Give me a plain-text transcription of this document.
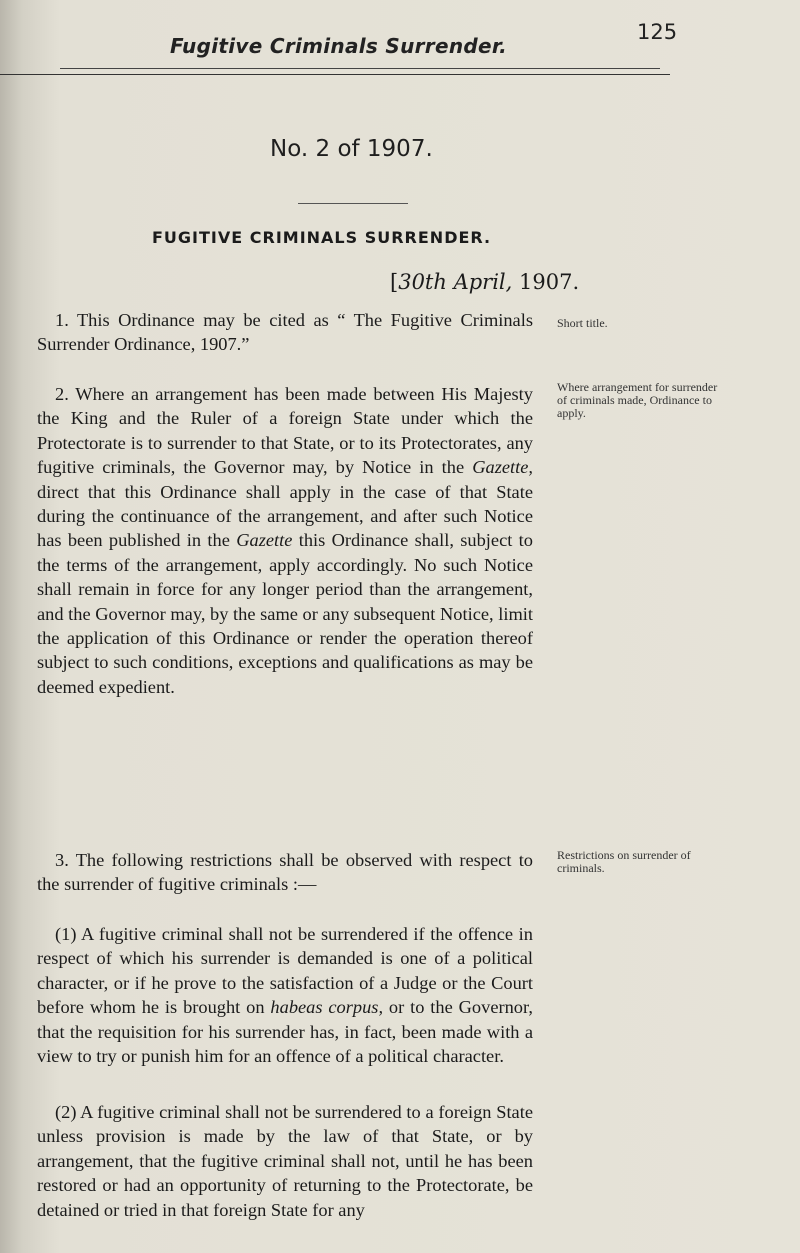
Fugitive Criminals Surrender.
125
No. 2 of 1907.
FUGITIVE CRIMINALS SURRENDER.
[30th April, 1907.

1. This Ordinance may be cited as “ The Fugitive Criminals Surrender Ordinance, 1907.”

Short title.

2. Where an arrangement has been made between His Majesty the King and the Ruler of a foreign State under which the Protectorate is to surrender to that State, or to its Protectorates, any fugitive criminals, the Governor may, by Notice in the Gazette, direct that this Ordinance shall apply in the case of that State during the continuance of the arrangement, and after such Notice has been published in the Gazette this Ordinance shall, subject to the terms of the arrangement, apply accordingly. No such Notice shall remain in force for any longer period than the arrangement, and the Governor may, by the same or any subsequent Notice, limit the application of this Ordinance or render the operation thereof subject to such conditions, exceptions and qualifications as may be deemed expedient.

Where arrangement for surrender of criminals made, Ordinance to apply.

3. The following restrictions shall be observed with respect to the surrender of fugitive criminals :—

Restrictions on surrender of criminals.

(1) A fugitive criminal shall not be surrendered if the offence in respect of which his surrender is demanded is one of a political character, or if he prove to the satisfaction of a Judge or the Court before whom he is brought on habeas corpus, or to the Governor, that the requisition for his surrender has, in fact, been made with a view to try or punish him for an offence of a political character.

(2) A fugitive criminal shall not be surrendered to a foreign State unless provision is made by the law of that State, or by arrangement, that the fugitive criminal shall not, until he has been restored or had an opportunity of returning to the Protectorate, be detained or tried in that foreign State for any
